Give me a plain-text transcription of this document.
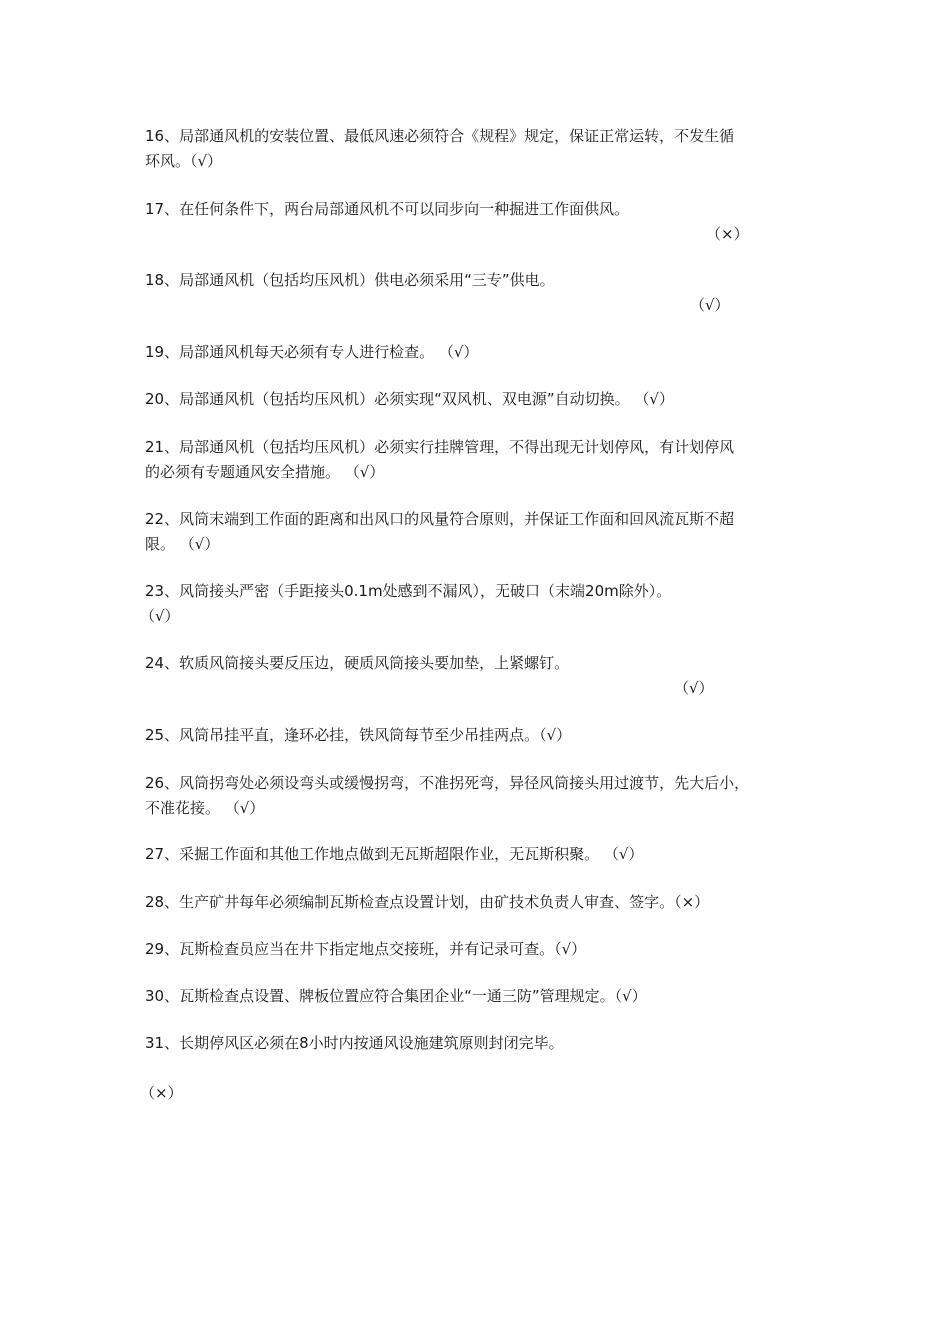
16、局部通风机的安装位置、最低风速必须符合《规程》规定，保证正常运转，不发生循
环风。（√）
17、在任何条件下，两台局部通风机不可以同步向一种掘进工作面供风。
（×）
18、局部通风机（包括均压风机）供电必须采用“三专”供电。
（√）
19、局部通风机每天必须有专人进行检查。 （√）
20、局部通风机（包括均压风机）必须实现“双风机、双电源”自动切换。 （√）
21、局部通风机（包括均压风机）必须实行挂牌管理，不得出现无计划停风，有计划停风
的必须有专题通风安全措施。 （√）
22、风筒末端到工作面的距离和出风口的风量符合原则，并保证工作面和回风流瓦斯不超
限。 （√）
23、风筒接头严密（手距接头0.1m处感到不漏风），无破口（末端20m除外）。
（√）
24、软质风筒接头要反压边，硬质风筒接头要加垫，上紧螺钉。
（√）
25、风筒吊挂平直，逢环必挂，铁风筒每节至少吊挂两点。（√）
26、风筒拐弯处必须设弯头或缓慢拐弯，不准拐死弯，异径风筒接头用过渡节，先大后小，
不准花接。 （√）
27、采掘工作面和其他工作地点做到无瓦斯超限作业，无瓦斯积聚。 （√）
28、生产矿井每年必须编制瓦斯检查点设置计划，由矿技术负责人审查、签字。（×）
29、瓦斯检查员应当在井下指定地点交接班，并有记录可查。（√）
30、瓦斯检查点设置、牌板位置应符合集团企业“一通三防”管理规定。（√）
31、长期停风区必须在8小时内按通风设施建筑原则封闭完毕。
（×）
